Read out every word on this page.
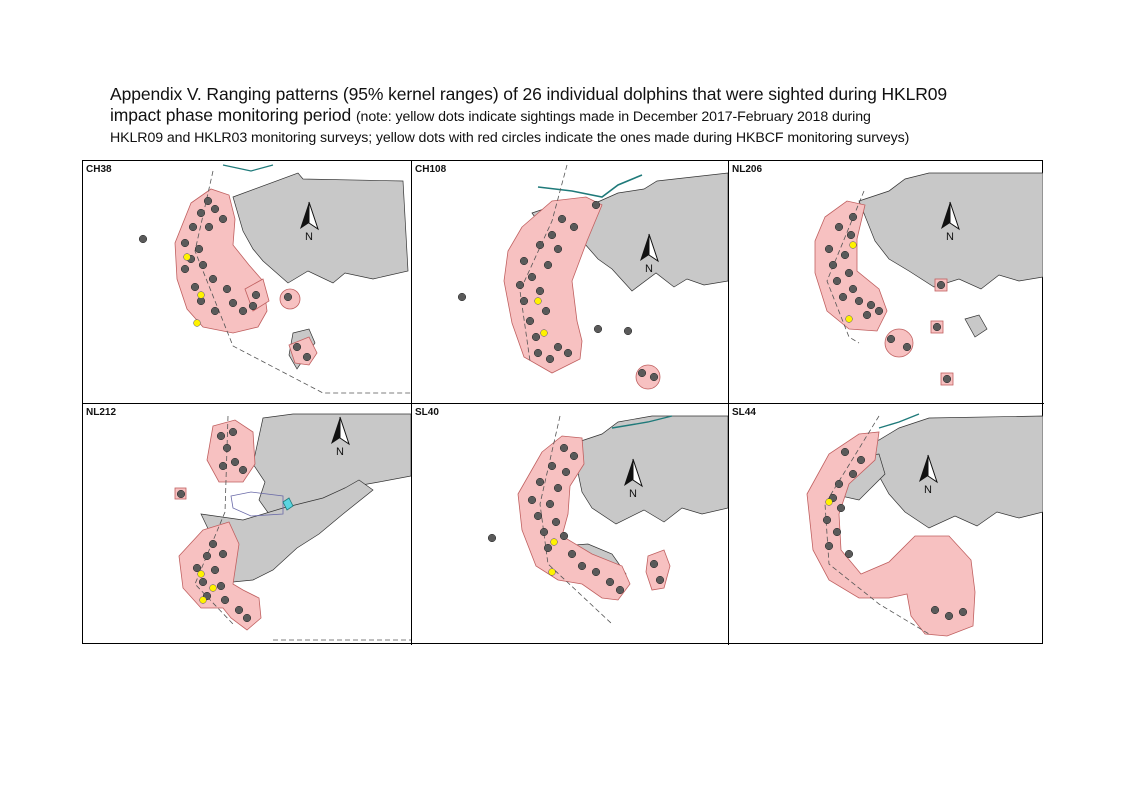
Appendix V. Ranging patterns (95% kernel ranges) of 26 individual dolphins that were sighted during HKLR09
impact phase monitoring period (note: yellow dots indicate sightings made in December 2017-February 2018 during
HKLR09 and HKLR03 monitoring surveys; yellow dots with red circles indicate the ones made during HKBCF monitoring surveys)
CH38
N
CH108
N
NL206
N
NL212
N
SL40
N
SL44
N
